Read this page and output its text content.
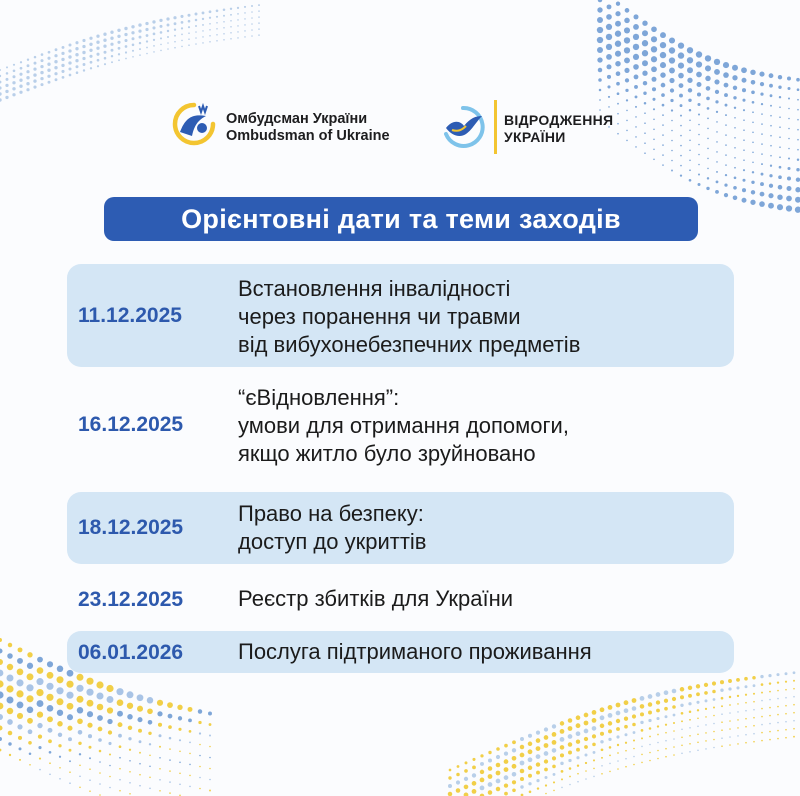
Омбудсман України
Ombudsman of Ukraine
ВІДРОДЖЕННЯ
УКРАЇНИ
Орієнтовні дати та теми заходів
11.12.2025
Встановлення інвалідності
через поранення чи травми
від вибухонебезпечних предметів
16.12.2025
“єВідновлення”:
умови для отримання допомоги,
якщо житло було зруйновано
18.12.2025
Право на безпеку:
доступ до укриттів
23.12.2025 Реєстр збитків для України
06.01.2026 Послуга підтриманого проживання
